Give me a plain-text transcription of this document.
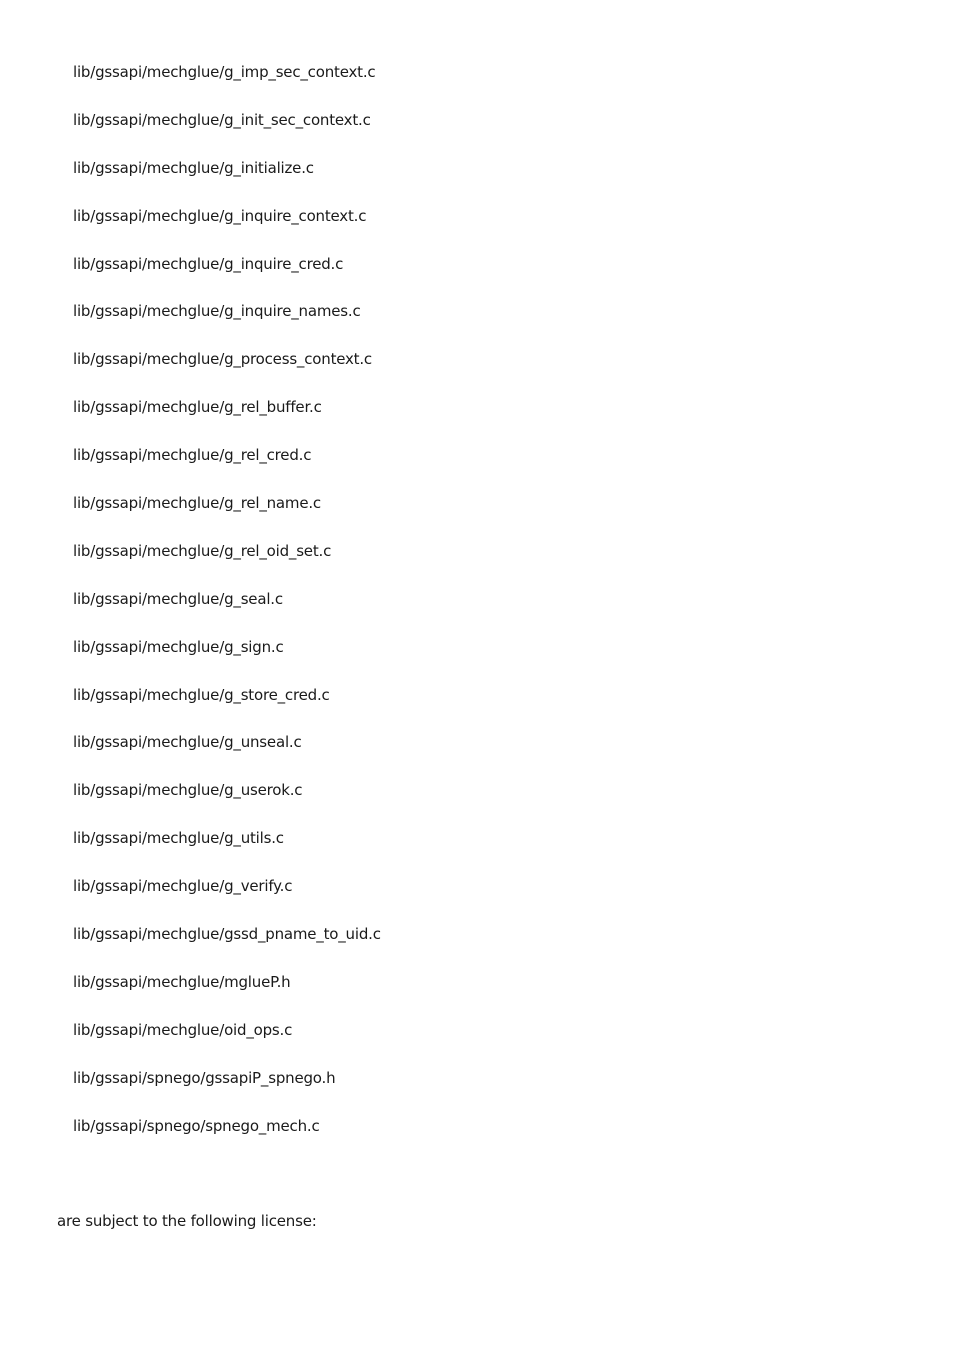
lib/gssapi/mechglue/g_imp_sec_context.c
lib/gssapi/mechglue/g_init_sec_context.c
lib/gssapi/mechglue/g_initialize.c
lib/gssapi/mechglue/g_inquire_context.c
lib/gssapi/mechglue/g_inquire_cred.c
lib/gssapi/mechglue/g_inquire_names.c
lib/gssapi/mechglue/g_process_context.c
lib/gssapi/mechglue/g_rel_buffer.c
lib/gssapi/mechglue/g_rel_cred.c
lib/gssapi/mechglue/g_rel_name.c
lib/gssapi/mechglue/g_rel_oid_set.c
lib/gssapi/mechglue/g_seal.c
lib/gssapi/mechglue/g_sign.c
lib/gssapi/mechglue/g_store_cred.c
lib/gssapi/mechglue/g_unseal.c
lib/gssapi/mechglue/g_userok.c
lib/gssapi/mechglue/g_utils.c
lib/gssapi/mechglue/g_verify.c
lib/gssapi/mechglue/gssd_pname_to_uid.c
lib/gssapi/mechglue/mglueP.h
lib/gssapi/mechglue/oid_ops.c
lib/gssapi/spnego/gssapiP_spnego.h
lib/gssapi/spnego/spnego_mech.c

are subject to the following license:
